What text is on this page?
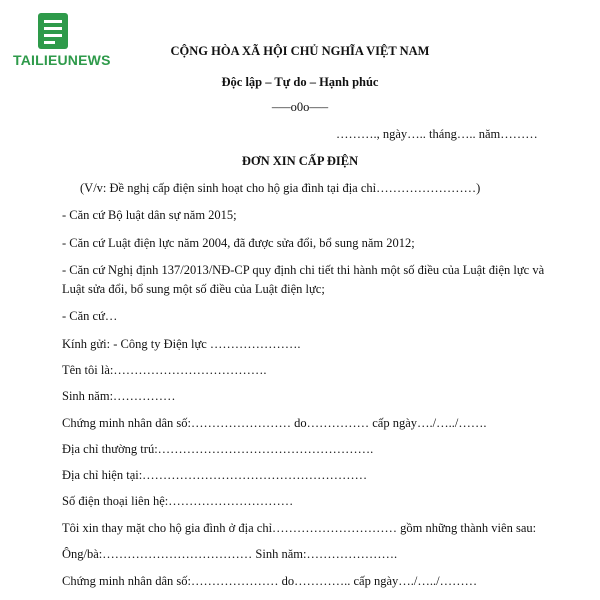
TAILIEUNEWS
CỘNG HÒA XÃ HỘI CHỦ NGHĨA VIỆT NAM
Độc lập – Tự do – Hạnh phúc
–—o0o—–
………., ngày….. tháng….. năm………
ĐƠN XIN CẤP ĐIỆN
(V/v: Đề nghị cấp điện sinh hoạt cho hộ gia đình tại địa chỉ……………………)
- Căn cứ Bộ luật dân sự năm 2015;
- Căn cứ Luật điện lực năm 2004, đã được sửa đổi, bổ sung năm 2012;
- Căn cứ Nghị định 137/2013/NĐ-CP quy định chi tiết thi hành một số điều của Luật điện lực và
Luật sửa đổi, bổ sung một số điều của Luật điện lực;
- Căn cứ…
Kính gửi: - Công ty Điện lực ………………….
Tên tôi là:……………………………….
Sinh năm:……………
Chứng minh nhân dân số:…………………… do…………… cấp ngày…./…../…….
Địa chỉ thường trú:…………………………………………….
Địa chỉ hiện tại:………………………………………………
Số điện thoại liên hệ:…………………………
Tôi xin thay mặt cho hộ gia đình ở địa chỉ………………………… gồm những thành viên sau:
Ông/bà:……………………………… Sinh năm:………………….
Chứng minh nhân dân số:………………… do………….. cấp ngày…./…../………
